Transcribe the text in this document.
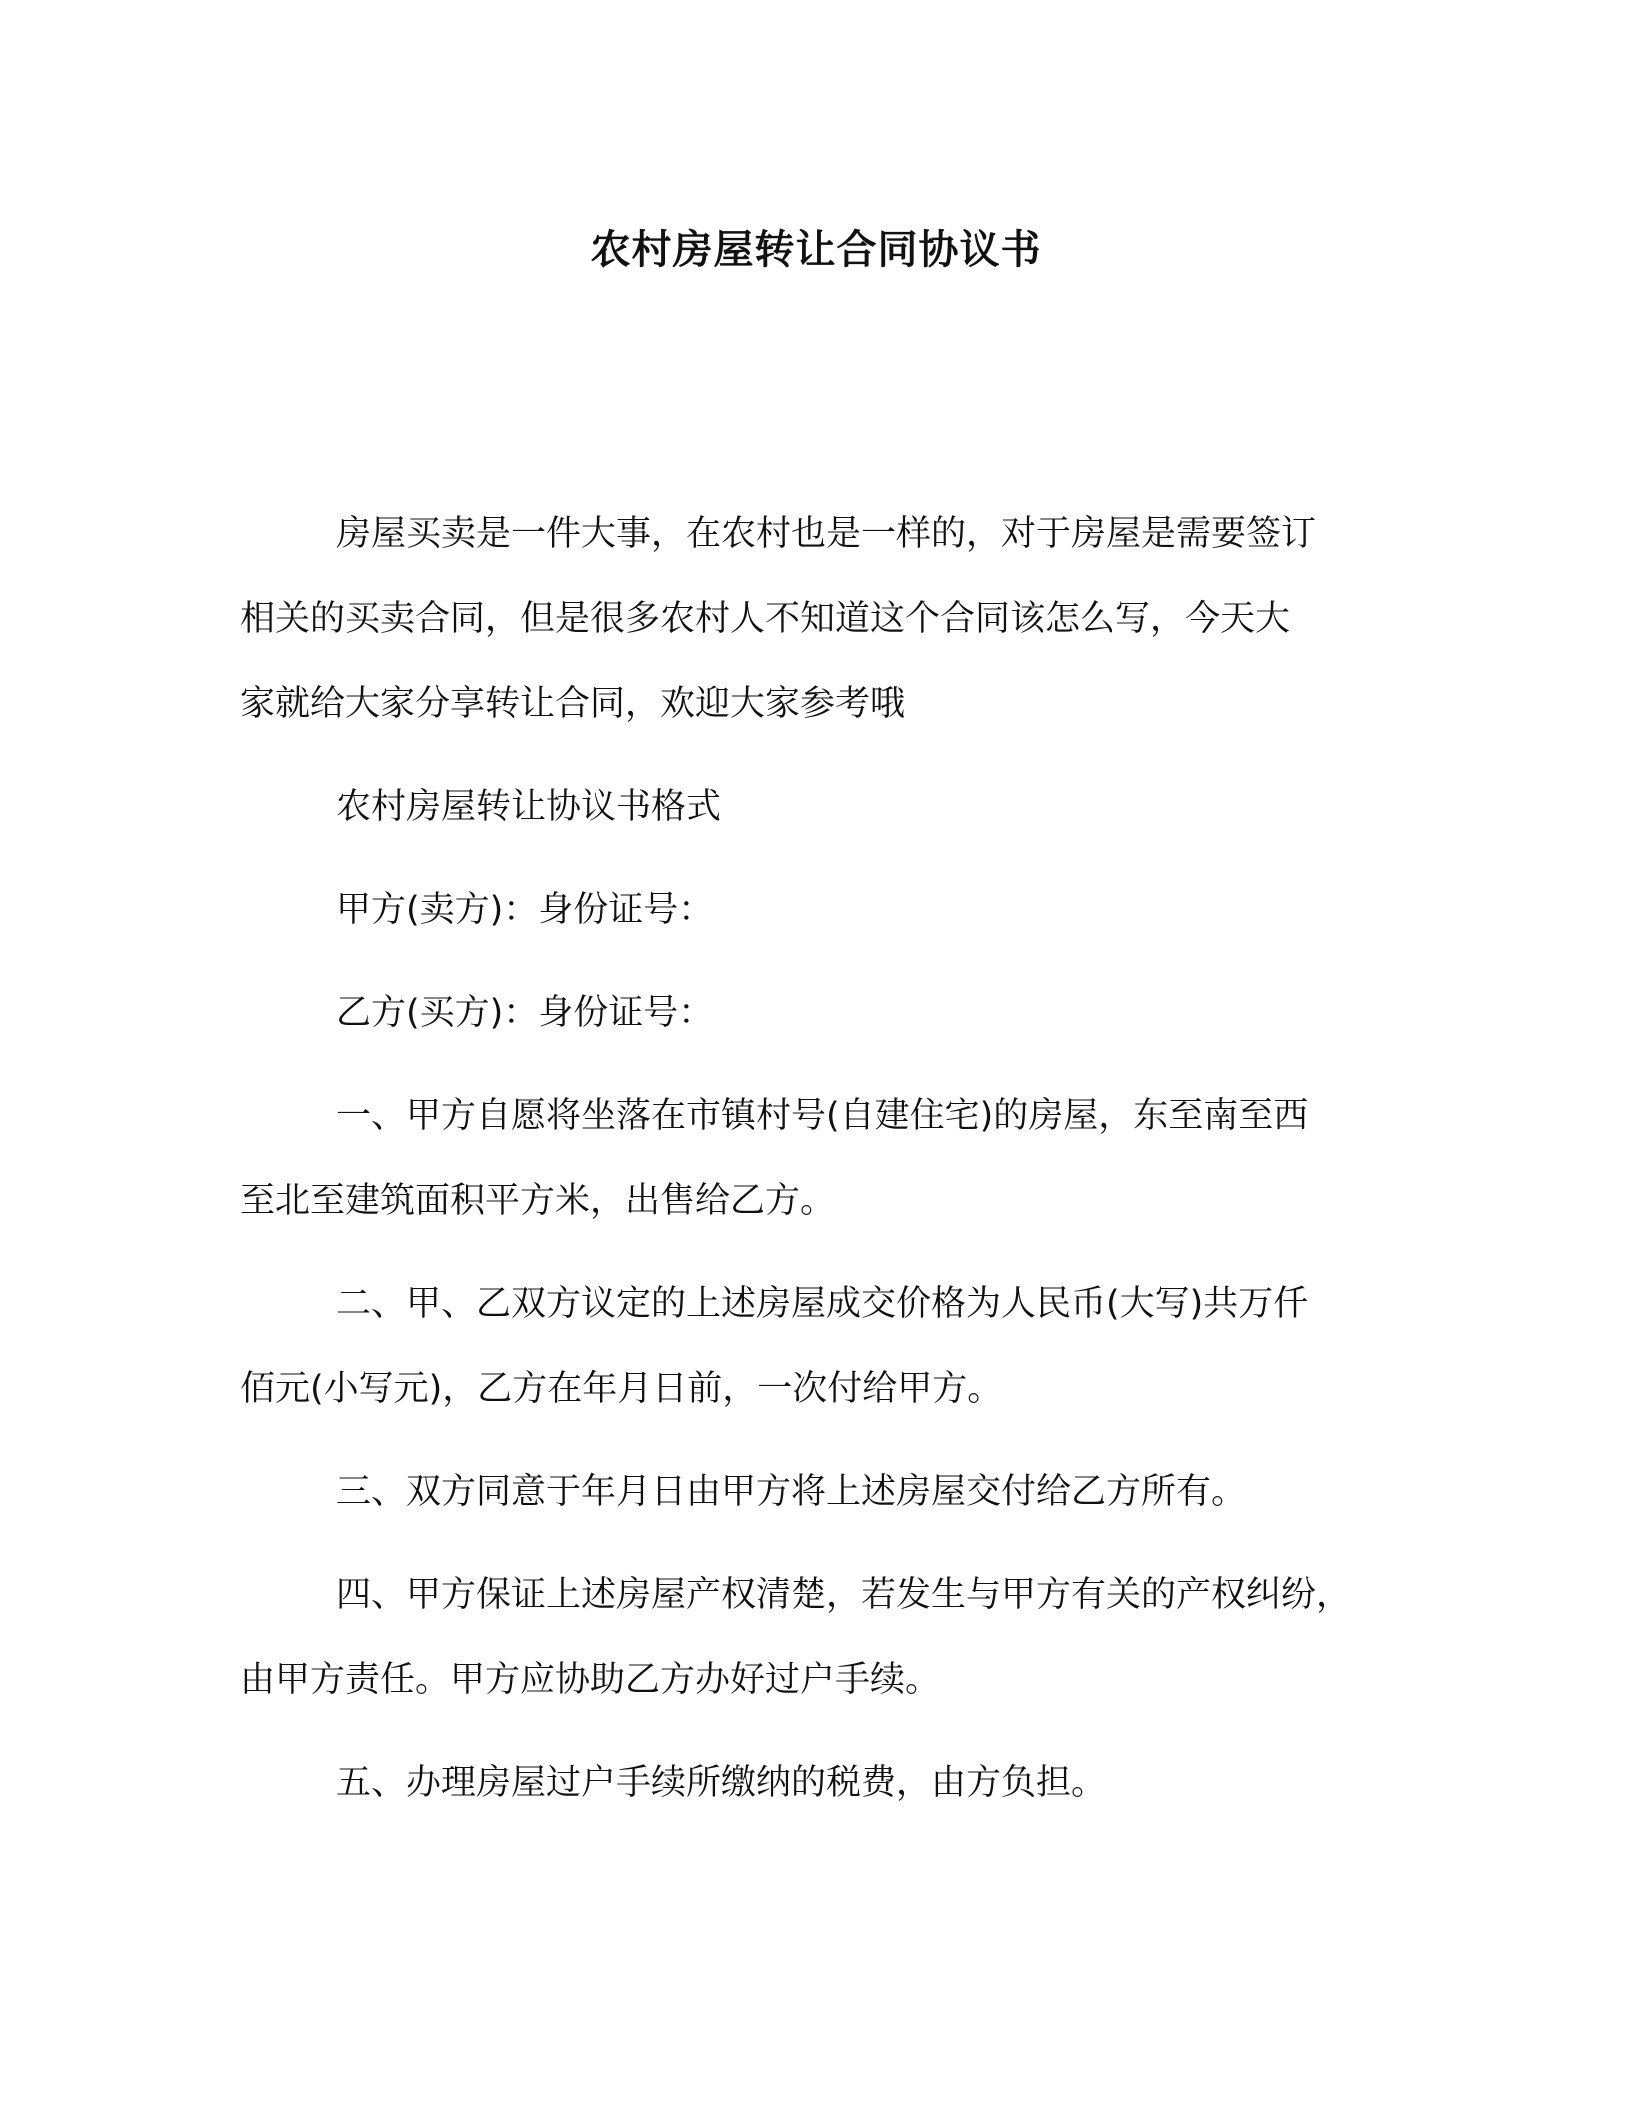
农村房屋转让合同协议书

房屋买卖是一件大事，在农村也是一样的，对于房屋是需要签订
相关的买卖合同，但是很多农村人不知道这个合同该怎么写，今天大
家就给大家分享转让合同，欢迎大家参考哦

农村房屋转让协议书格式

甲方(卖方)：身份证号：

乙方(买方)：身份证号：

一、甲方自愿将坐落在市镇村号(自建住宅)的房屋，东至南至西
至北至建筑面积平方米，出售给乙方。

二、甲、乙双方议定的上述房屋成交价格为人民币(大写)共万仟
佰元(小写元)，乙方在年月日前，一次付给甲方。

三、双方同意于年月日由甲方将上述房屋交付给乙方所有。

四、甲方保证上述房屋产权清楚，若发生与甲方有关的产权纠纷，
由甲方责任。甲方应协助乙方办好过户手续。

五、办理房屋过户手续所缴纳的税费，由方负担。
